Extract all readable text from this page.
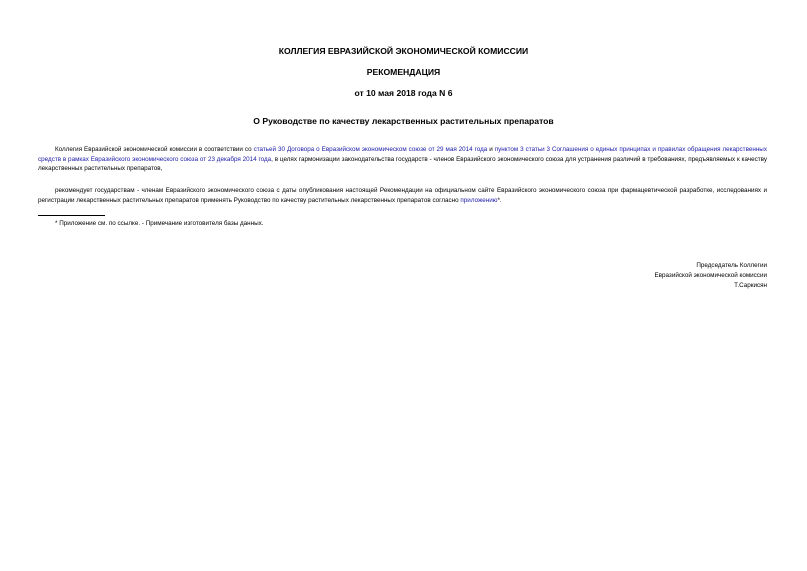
КОЛЛЕГИЯ ЕВРАЗИЙСКОЙ ЭКОНОМИЧЕСКОЙ КОМИССИИ
РЕКОМЕНДАЦИЯ
от 10 мая 2018 года N 6
О Руководстве по качеству лекарственных растительных препаратов
Коллегия Евразийской экономической комиссии в соответствии со статьей 30 Договора о Евразийском экономическом союзе от 29 мая 2014 года и пунктом 3 статьи 3 Соглашения о единых принципах и правилах обращения лекарственных средств в рамках Евразийского экономического союза от 23 декабря 2014 года, в целях гармонизации законодательства государств - членов Евразийского экономического союза для устранения различий в требованиях, предъявляемых к качеству лекарственных растительных препаратов,
рекомендует государствам - членам Евразийского экономического союза с даты опубликования настоящей Рекомендации на официальном сайте Евразийского экономического союза при фармацевтической разработке, исследованиях и регистрации лекарственных растительных препаратов применять Руководство по качеству растительных лекарственных препаратов согласно приложению*.
* Приложение см. по ссылке. - Примечание изготовителя базы данных.
Председатель Коллегии
Евразийской экономической комиссии
Т.Саркисян
